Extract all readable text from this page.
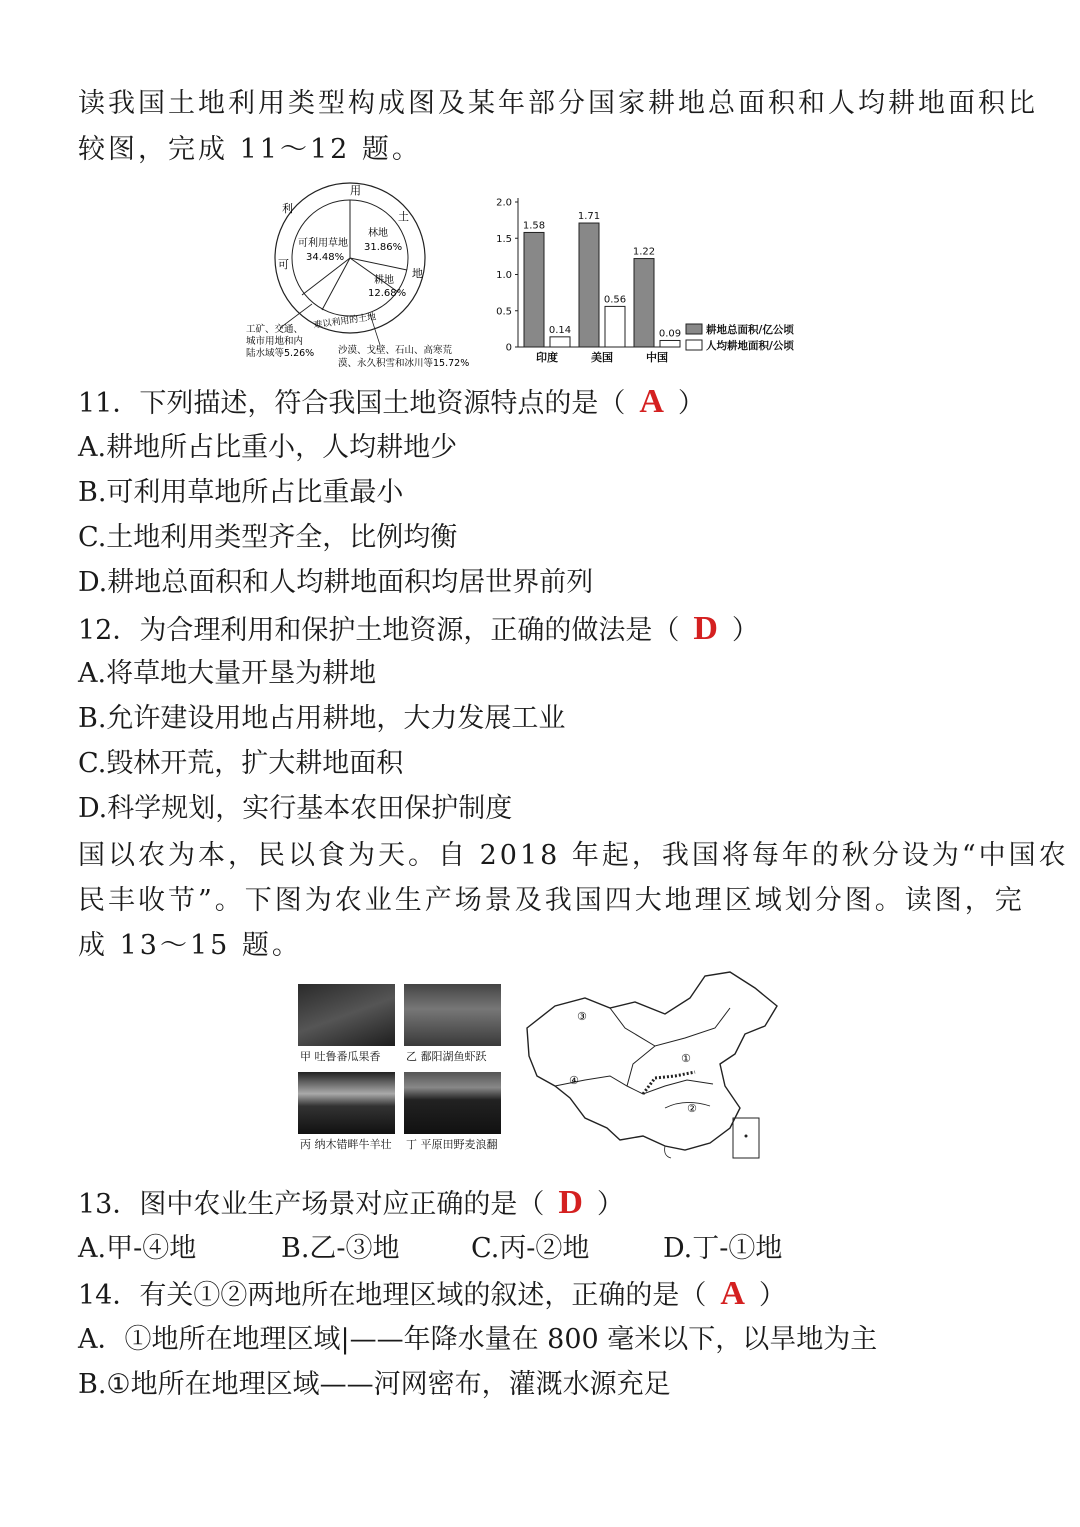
读我国土地利用类型构成图及某年部分国家耕地总面积和人均耕地面积比
较图，完成 11～12 题。
利
用
土
地
可
难以利用的土地
可利用草地
34.48%
林地
31.86%
耕地
12.68%
工矿、交通、
城市用地和内
陆水域等5.26%	沙漠、戈壁、石山、高寒荒
漠、永久积雪和冰川等15.72%
0
0.5
1.0
1.5
2.0
1.58
0.14
印度
1.71
0.56
美国
1.22
0.09
中国
耕地总面积/亿公顷
人均耕地面积/公顷
11．下列描述，符合我国土地资源特点的是（ A ）
A.耕地所占比重小，人均耕地少
B.可利用草地所占比重最小
C.土地利用类型齐全，比例均衡
D.耕地总面积和人均耕地面积均居世界前列
12．为合理利用和保护土地资源，正确的做法是（ D ）
A.将草地大量开垦为耕地
B.允许建设用地占用耕地，大力发展工业
C.毁林开荒，扩大耕地面积
D.科学规划，实行基本农田保护制度
国以农为本，民以食为天。自 2018 年起，我国将每年的秋分设为“中国农
民丰收节”。下图为农业生产场景及我国四大地理区域划分图。读图，完
成 13～15 题。
甲 吐鲁番瓜果香 乙 鄱阳湖鱼虾跃
丙 纳木错畔牛羊壮 丁 平原田野麦浪翻
③
④
①
②
13．图中农业生产场景对应正确的是（ D ）
A.甲-④地	B.乙-③地	C.丙-②地	D.丁-①地
14．有关①②两地所在地理区域的叙述，正确的是（ A ）
A．①地所在地理区域|——年降水量在 800 毫米以下，以旱地为主
B.①地所在地理区域——河网密布，灌溉水源充足
